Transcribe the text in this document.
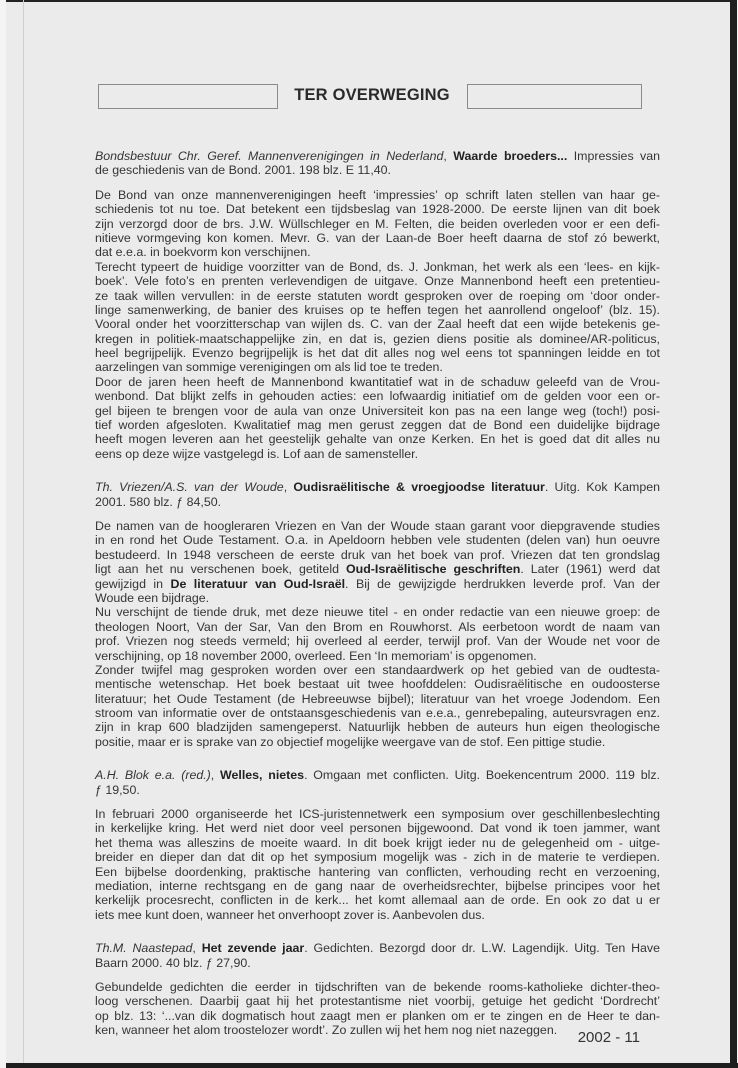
TER OVERWEGING
Bondsbestuur Chr. Geref. Mannenverenigingen in Nederland, Waarde broeders... Impressies van
de geschiedenis van de Bond. 2001. 198 blz. E 11,40.
De Bond van onze mannenverenigingen heeft ‘impressies’ op schrift laten stellen van haar ge-
schiedenis tot nu toe. Dat betekent een tijdsbeslag van 1928-2000. De eerste lijnen van dit boek
zijn verzorgd door de brs. J.W. Wüllschleger en M. Felten, die beiden overleden voor er een defi-
nitieve vormgeving kon komen. Mevr. G. van der Laan-de Boer heeft daarna de stof zó bewerkt,
dat e.e.a. in boekvorm kon verschijnen.
Terecht typeert de huidige voorzitter van de Bond, ds. J. Jonkman, het werk als een ‘lees- en kijk-
boek’. Vele foto’s en prenten verlevendigen de uitgave. Onze Mannenbond heeft een pretentieu-
ze taak willen vervullen: in de eerste statuten wordt gesproken over de roeping om ‘door onder-
linge samenwerking, de banier des kruises op te heffen tegen het aanrollend ongeloof’ (blz. 15).
Vooral onder het voorzitterschap van wijlen ds. C. van der Zaal heeft dat een wijde betekenis ge-
kregen in politiek-maatschappelijke zin, en dat is, gezien diens positie als dominee/AR-politicus,
heel begrijpelijk. Evenzo begrijpelijk is het dat dit alles nog wel eens tot spanningen leidde en tot
aarzelingen van sommige verenigingen om als lid toe te treden.
Door de jaren heen heeft de Mannenbond kwantitatief wat in de schaduw geleefd van de Vrou-
wenbond. Dat blijkt zelfs in gehouden acties: een lofwaardig initiatief om de gelden voor een or-
gel bijeen te brengen voor de aula van onze Universiteit kon pas na een lange weg (toch!) posi-
tief worden afgesloten. Kwalitatief mag men gerust zeggen dat de Bond een duidelijke bijdrage
heeft mogen leveren aan het geestelijk gehalte van onze Kerken. En het is goed dat dit alles nu
eens op deze wijze vastgelegd is. Lof aan de samensteller.
Th. Vriezen/A.S. van der Woude, Oudisraëlitische & vroegjoodse literatuur. Uitg. Kok Kampen
2001. 580 blz. ƒ 84,50.
De namen van de hoogleraren Vriezen en Van der Woude staan garant voor diepgravende studies
in en rond het Oude Testament. O.a. in Apeldoorn hebben vele studenten (delen van) hun oeuvre
bestudeerd. In 1948 verscheen de eerste druk van het boek van prof. Vriezen dat ten grondslag
ligt aan het nu verschenen boek, getiteld Oud-Israëlitische geschriften. Later (1961) werd dat
gewijzigd in De literatuur van Oud-Israël. Bij de gewijzigde herdrukken leverde prof. Van der
Woude een bijdrage.
Nu verschijnt de tiende druk, met deze nieuwe titel - en onder redactie van een nieuwe groep: de
theologen Noort, Van der Sar, Van den Brom en Rouwhorst. Als eerbetoon wordt de naam van
prof. Vriezen nog steeds vermeld; hij overleed al eerder, terwijl prof. Van der Woude net voor de
verschijning, op 18 november 2000, overleed. Een ‘In memoriam’ is opgenomen.
Zonder twijfel mag gesproken worden over een standaardwerk op het gebied van de oudtesta-
mentische wetenschap. Het boek bestaat uit twee hoofddelen: Oudisraëlitische en oudoosterse
literatuur; het Oude Testament (de Hebreeuwse bijbel); literatuur van het vroege Jodendom. Een
stroom van informatie over de ontstaansgeschiedenis van e.e.a., genrebepaling, auteursvragen enz.
zijn in krap 600 bladzijden samengeperst. Natuurlijk hebben de auteurs hun eigen theologische
positie, maar er is sprake van zo objectief mogelijke weergave van de stof. Een pittige studie.
A.H. Blok e.a. (red.), Welles, nietes. Omgaan met conflicten. Uitg. Boekencentrum 2000. 119 blz.
ƒ 19,50.
In februari 2000 organiseerde het ICS-juristennetwerk een symposium over geschillenbeslechting
in kerkelijke kring. Het werd niet door veel personen bijgewoond. Dat vond ik toen jammer, want
het thema was alleszins de moeite waard. In dit boek krijgt ieder nu de gelegenheid om - uitge-
breider en dieper dan dat dit op het symposium mogelijk was - zich in de materie te verdiepen.
Een bijbelse doordenking, praktische hantering van conflicten, verhouding recht en verzoening,
mediation, interne rechtsgang en de gang naar de overheidsrechter, bijbelse principes voor het
kerkelijk procesrecht, conflicten in de kerk... het komt allemaal aan de orde. En ook zo dat u er
iets mee kunt doen, wanneer het onverhoopt zover is. Aanbevolen dus.
Th.M. Naastepad, Het zevende jaar. Gedichten. Bezorgd door dr. L.W. Lagendijk. Uitg. Ten Have
Baarn 2000. 40 blz. ƒ 27,90.
Gebundelde gedichten die eerder in tijdschriften van de bekende rooms-katholieke dichter-theo-
loog verschenen. Daarbij gaat hij het protestantisme niet voorbij, getuige het gedicht ‘Dordrecht’
op blz. 13: ‘...van dik dogmatisch hout zaagt men er planken om er te zingen en de Heer te dan-
ken, wanneer het alom troostelozer wordt’. Zo zullen wij het hem nog niet nazeggen.	2002 - 11
